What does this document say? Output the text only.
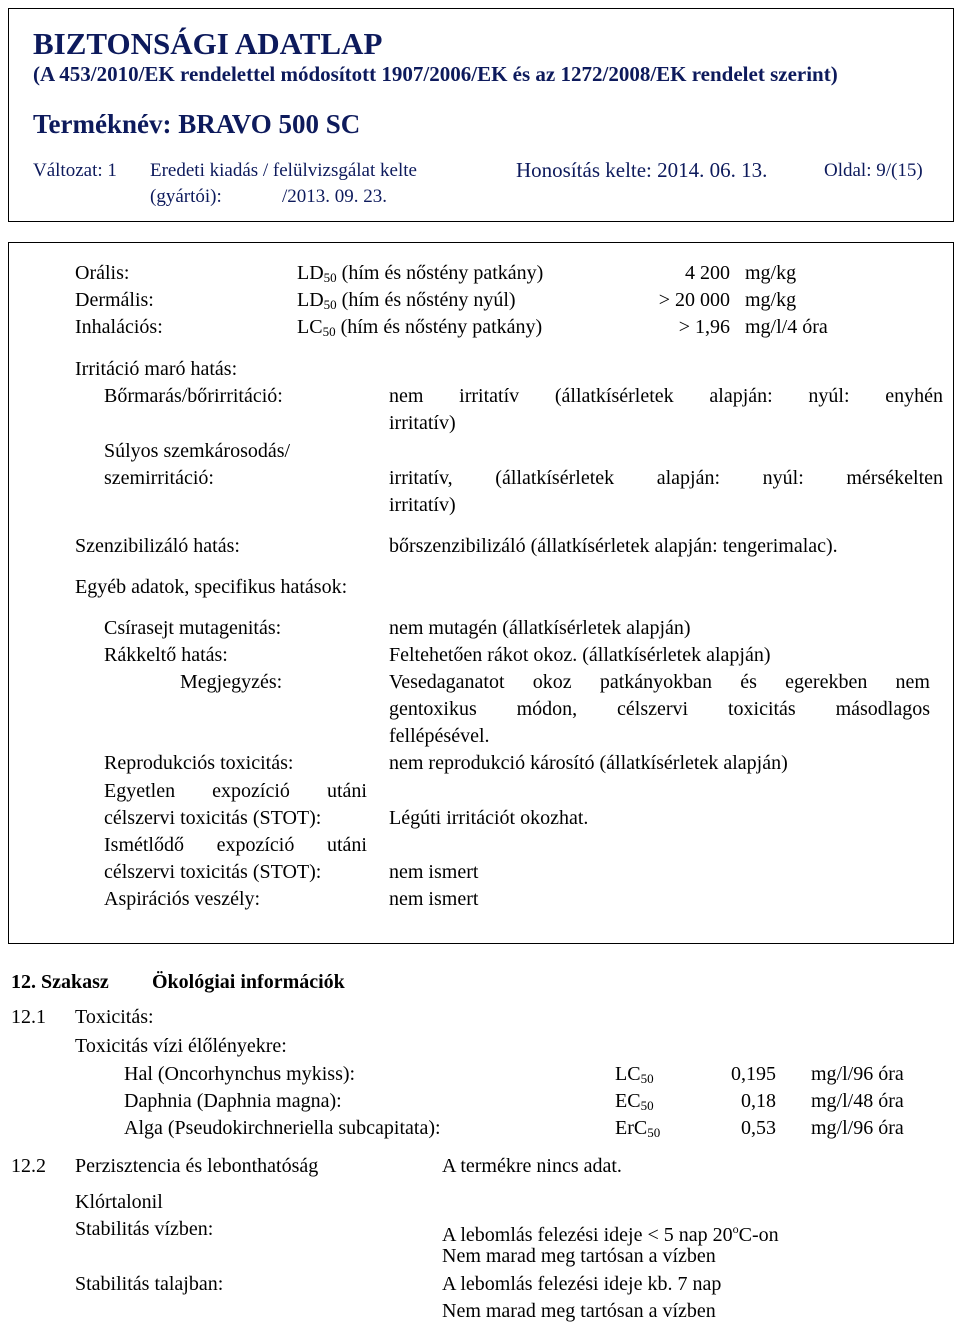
BIZTONSÁGI ADATLAP
(A 453/2010/EK rendelettel módosított 1907/2006/EK és az 1272/2008/EK rendelet szerint)
Terméknév: BRAVO 500 SC
Változat: 1 Eredeti kiadás / felülvizsgálat kelte
(gyártói):	/2013. 09. 23.
Honosítás kelte: 2014. 06. 13.	Oldal: 9/(15)
Orális:	$LD_{50}$ (hím és nőstény patkány)	4 200 mg/kg
Dermális:	$LD_{50}$ (hím és nőstény nyúl)	> 20 000 mg/kg
Inhalációs:	$LC_{50}$ (hím és nőstény patkány)	> 1,96 mg/l/4 óra
Irritáció maró hatás:
Bőrmarás/bőrirritáció:	nem irritatív (állatkísérletek alapján: nyúl: enyhén
irritatív)
Súlyos szemkárosodás/
szemirritáció:	irritatív, (állatkísérletek alapján: nyúl: mérsékelten
irritatív)
Szenzibilizáló hatás:	bőrszenzibilizáló (állatkísérletek alapján: tengerimalac).
Egyéb adatok, specifikus hatások:
Csírasejt mutagenitás:	nem mutagén (állatkísérletek alapján)
Rákkeltő hatás:	Feltehetően rákot okoz. (állatkísérletek alapján)
Megjegyzés:	Vesedaganatot okoz patkányokban és egerekben nem
gentoxikus módon, célszervi toxicitás másodlagos
fellépésével.
Reprodukciós toxicitás:	nem reprodukció károsító (állatkísérletek alapján)
Egyetlen expozíció utáni
célszervi toxicitás (STOT):	Légúti irritációt okozhat.
Ismétlődő expozíció utáni
célszervi toxicitás (STOT):	nem ismert
Aspirációs veszély:	nem ismert
12. Szakasz Ökológiai információk
12.1 Toxicitás:
Toxicitás vízi élőlényekre:
Hal (Oncorhynchus mykiss):	$LC_{50}$	0,195 mg/l/96 óra
Daphnia (Daphnia magna):	$EC_{50}$	0,18 mg/l/48 óra
Alga (Pseudokirchneriella subcapitata):	ErC$_{50}$	0,53 mg/l/96 óra
12.2 Perzisztencia és lebonthatóság	A termékre nincs adat.
Klórtalonil
Stabilitás vízben:	A lebomlás felezési ideje < 5 nap 20$^o$C-on
Nem marad meg tartósan a vízben
Stabilitás talajban:	A lebomlás felezési ideje kb. 7 nap
Nem marad meg tartósan a vízben
